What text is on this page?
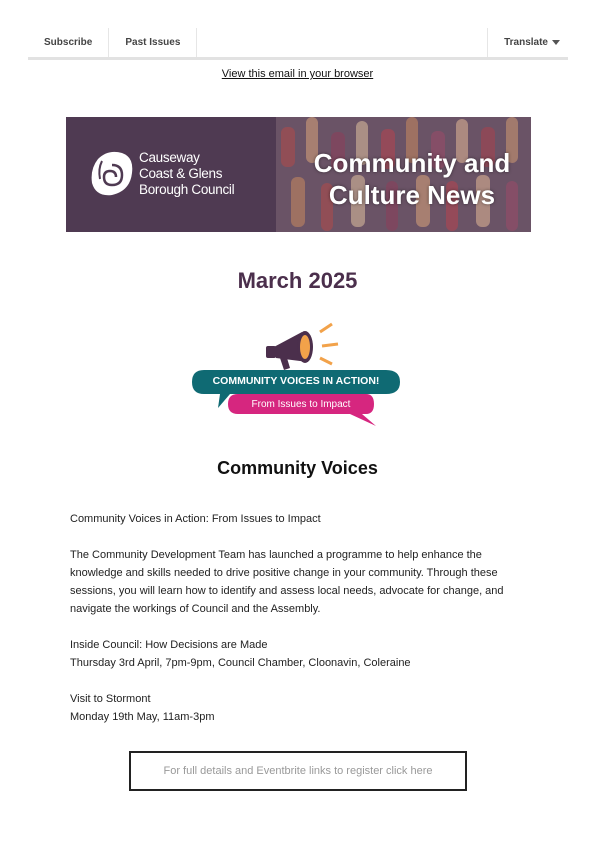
Subscribe	Past Issues	Translate
View this email in your browser
Causeway
Coast & Glens
Borough Council
Community and
Culture News
March 2025
COMMUNITY VOICES IN ACTION!
From Issues to Impact
Community Voices
Community Voices in Action: From Issues to Impact
The Community Development Team has launched a programme to help enhance the knowledge and skills needed to drive positive change in your community. Through these sessions, you will learn how to identify and assess local needs, advocate for change, and navigate the workings of Council and the Assembly.
Inside Council: How Decisions are Made
Thursday 3rd April, 7pm-9pm, Council Chamber, Cloonavin, Coleraine
Visit to Stormont
Monday 19th May, 11am-3pm
For full details and Eventbrite links to register click here
